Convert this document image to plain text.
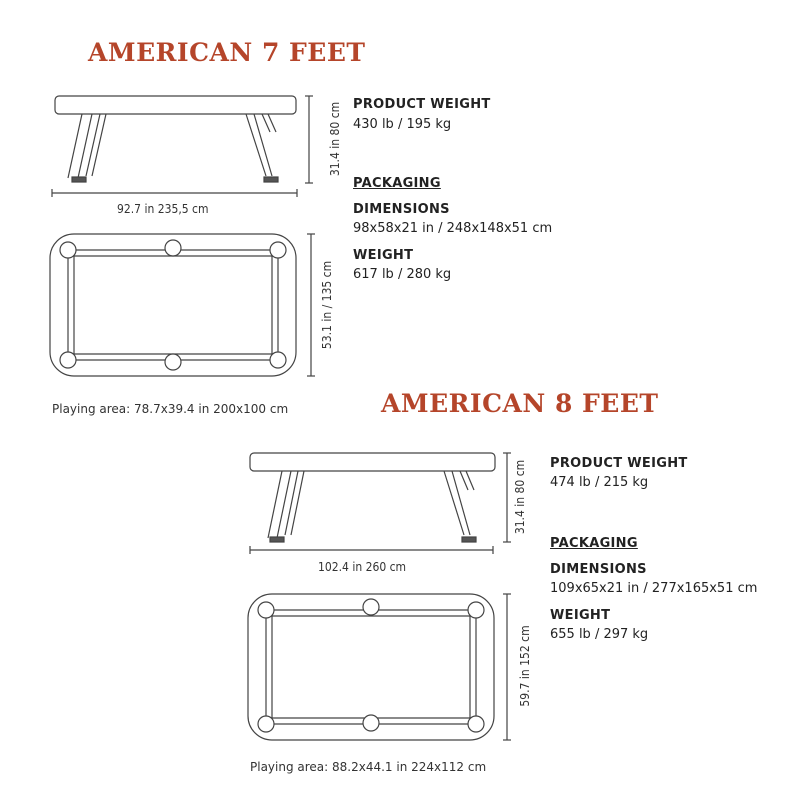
AMERICAN 7 FEET
92.7 in 235,5 cm
31.4 in 80 cm
53.1 in / 135 cm
Playing area: 78.7x39.4 in 200x100 cm
PRODUCT WEIGHT
430 lb / 195 kg
PACKAGING
DIMENSIONS
98x58x21 in / 248x148x51 cm
WEIGHT
617 lb / 280 kg
AMERICAN 8 FEET
102.4 in 260 cm
31.4 in 80 cm
59.7 in 152 cm
Playing area: 88.2x44.1 in 224x112 cm
PRODUCT WEIGHT
474 lb / 215 kg
PACKAGING
DIMENSIONS
109x65x21 in / 277x165x51 cm
WEIGHT
655 lb / 297 kg
